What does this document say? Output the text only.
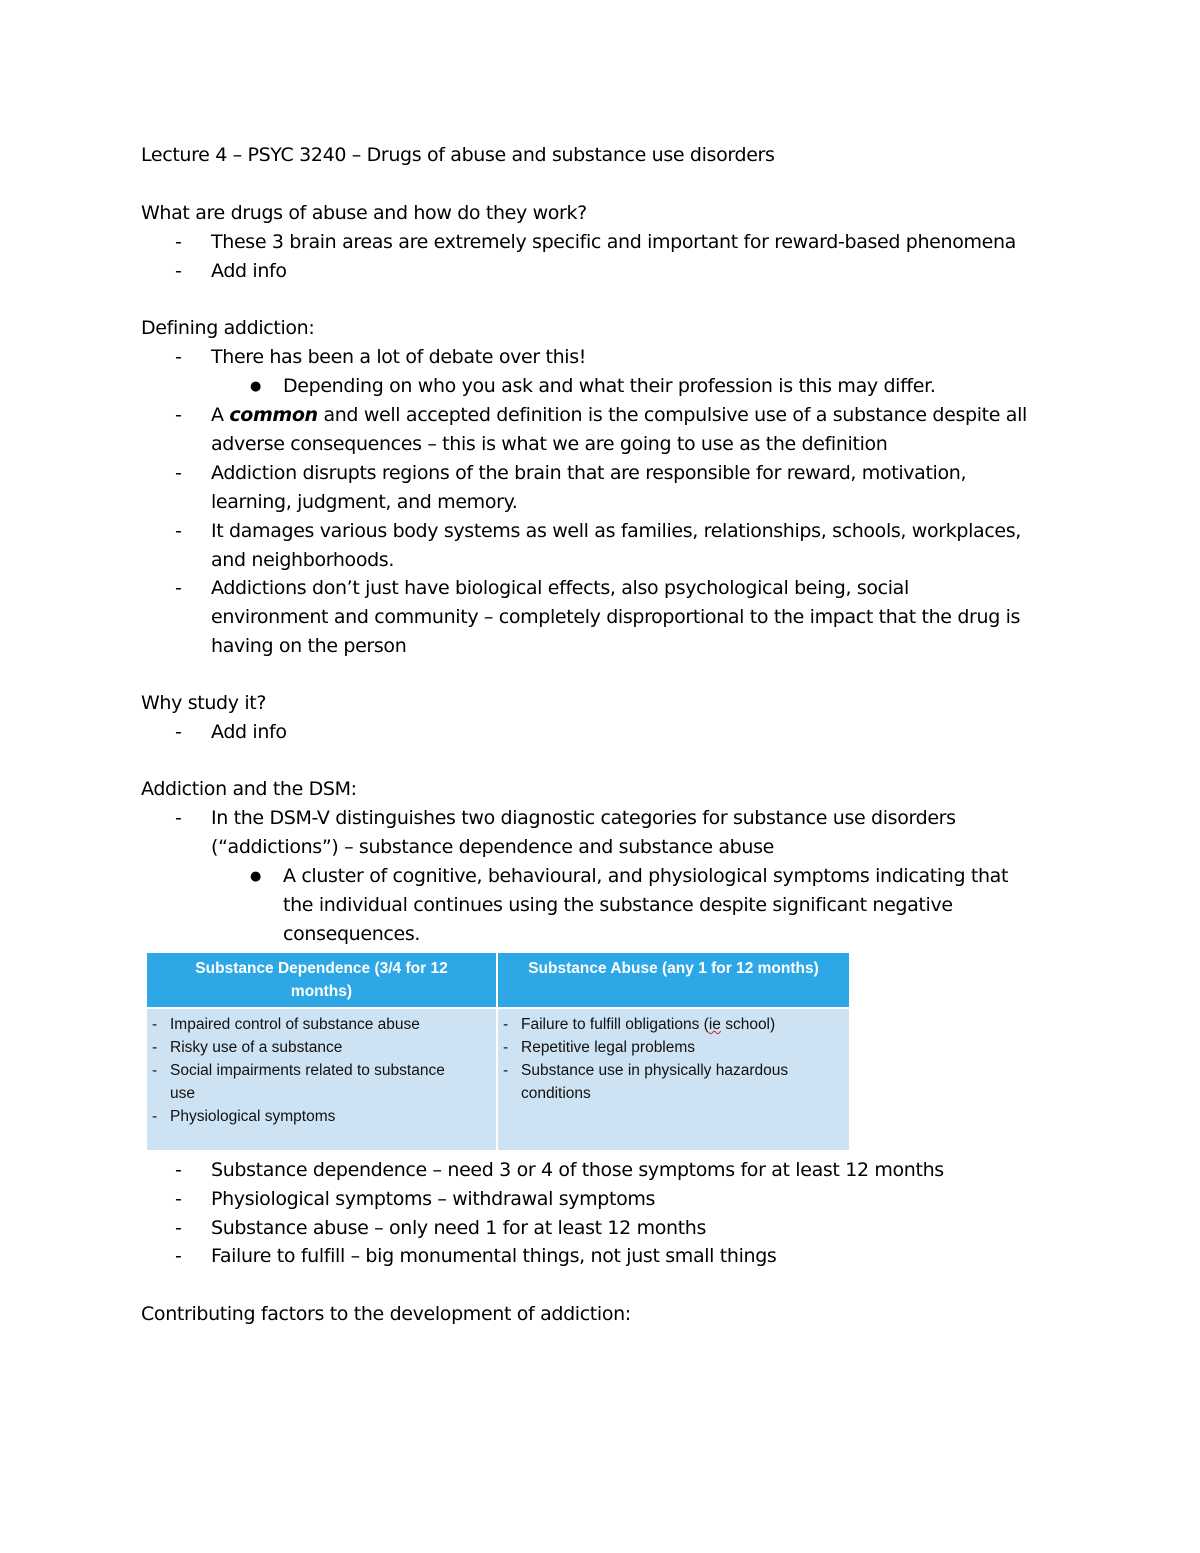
Lecture 4 – PSYC 3240 – Drugs of abuse and substance use disorders
What are drugs of abuse and how do they work?
- These 3 brain areas are extremely specific and important for reward-based phenomena
- Add info
Defining addiction:
- There has been a lot of debate over this!
● Depending on who you ask and what their profession is this may differ.
- A common and well accepted definition is the compulsive use of a substance despite all
adverse consequences – this is what we are going to use as the definition
- Addiction disrupts regions of the brain that are responsible for reward, motivation,
learning, judgment, and memory.
- It damages various body systems as well as families, relationships, schools, workplaces,
and neighborhoods.
- Addictions don’t just have biological effects, also psychological being, social
environment and community – completely disproportional to the impact that the drug is
having on the person
Why study it?
- Add info
Addiction and the DSM:
- In the DSM-V distinguishes two diagnostic categories for substance use disorders
(“addictions”) – substance dependence and substance abuse
● A cluster of cognitive, behavioural, and physiological symptoms indicating that
the individual continues using the substance despite significant negative
consequences.
Substance Dependence (3/4 for 12 months)
Substance Abuse (any 1 for 12 months)
- Impaired control of substance abuse
- Risky use of a substance
- Social impairments related to substance use
- Physiological symptoms
- Failure to fulfill obligations (ie school)
- Repetitive legal problems
- Substance use in physically hazardous conditions
- Substance dependence – need 3 or 4 of those symptoms for at least 12 months
- Physiological symptoms – withdrawal symptoms
- Substance abuse – only need 1 for at least 12 months
- Failure to fulfill – big monumental things, not just small things
Contributing factors to the development of addiction:
